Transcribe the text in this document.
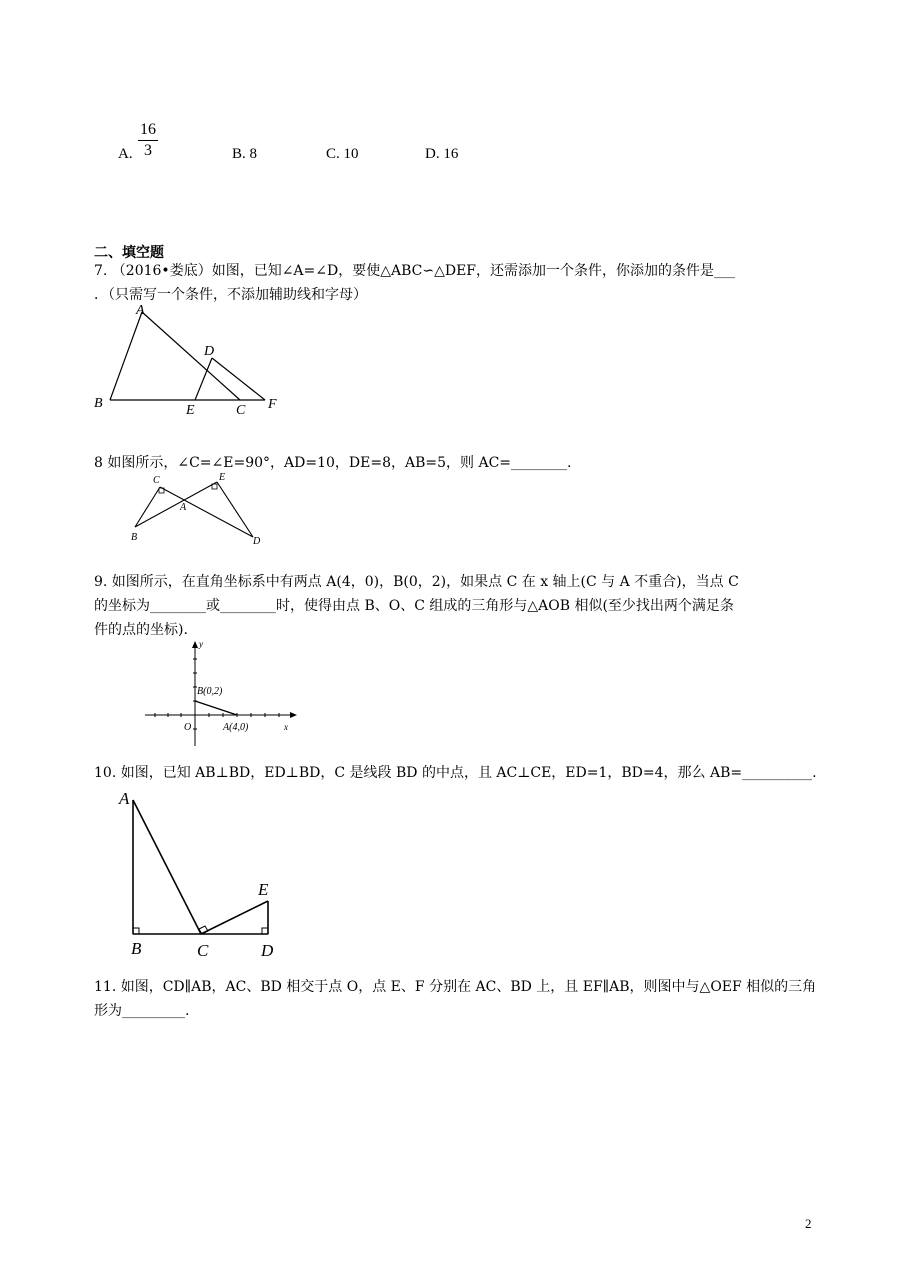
A.
16
3	B. 8	C. 10	D. 16
二、填空题
7. （2016•娄底）如图，已知∠A=∠D，要使△ABC∽△DEF，还需添加一个条件，你添加的条件是___
．（只需写一个条件，不添加辅助线和字母）
A
B	C
D
E	F
8 如图所示，∠C=∠E=90°，AD=10，DE=8，AB=5，则 AC=________.
C	E
A
B	D
9. 如图所示，在直角坐标系中有两点 A(4，0)，B(0，2)，如果点 C 在 x 轴上(C 与 A 不重合)，当点 C
的坐标为________或________时，使得由点 B、O、C 组成的三角形与△AOB 相似(至少找出两个满足条
件的点的坐标).
y
x
O
B(0,2)
A(4,0)
10. 如图，已知 AB⊥BD，ED⊥BD，C 是线段 BD 的中点，且 AC⊥CE，ED=1，BD=4，那么 AB=__________.
A
B	C	D
E
11. 如图，CD∥AB，AC、BD 相交于点 O，点 E、F 分别在 AC、BD 上，且 EF∥AB，则图中与△OEF 相似的三角
形为_________.
2
